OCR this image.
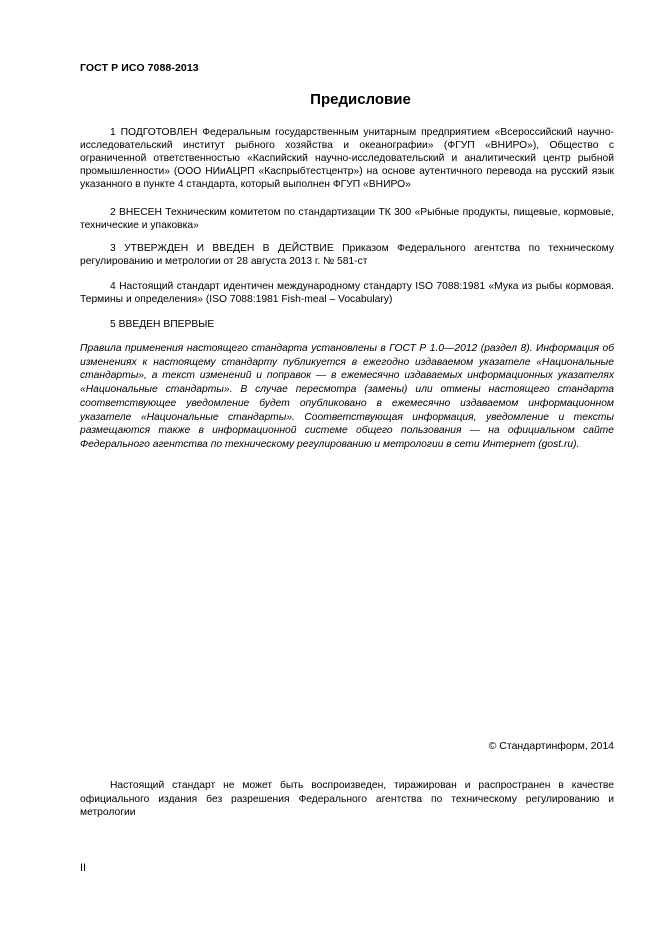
ГОСТ Р ИСО 7088-2013
Предисловие

1 ПОДГОТОВЛЕН Федеральным государственным унитарным предприятием «Всероссийский научно-исследовательский институт рыбного хозяйства и океанографии» (ФГУП «ВНИРО»), Общество с ограниченной ответственностью «Каспийский научно-исследовательский и аналитический центр рыбной промышленности» (ООО НИиАЦРП «Каспрыбтестцентр») на основе аутентичного перевода на русский язык указанного в пункте 4 стандарта, который выполнен ФГУП «ВНИРО»

2 ВНЕСЕН Техническим комитетом по стандартизации ТК 300 «Рыбные продукты, пищевые, кормовые, технические и упаковка»

3 УТВЕРЖДЕН И ВВЕДЕН В ДЕЙСТВИЕ Приказом Федерального агентства по техническому регулированию и метрологии от 28 августа 2013 г. № 581-ст

4 Настоящий стандарт идентичен международному стандарту ISO 7088:1981 «Мука из рыбы кормовая. Термины и определения» (ISO 7088:1981 Fish-meal – Vocabulary)

5 ВВЕДЕН ВПЕРВЫЕ

Правила применения настоящего стандарта установлены в ГОСТ Р 1.0—2012 (раздел 8). Информация об изменениях к настоящему стандарту публикуется в ежегодно издаваемом указателе «Национальные стандарты», а текст изменений и поправок — в ежемесячно издаваемых информационных указателях «Национальные стандарты». В случае пересмотра (замены) или отмены настоящего стандарта соответствующее уведомление будет опубликовано в ежемесячно издаваемом информационном указателе «Национальные стандарты». Соответствующая информация, уведомление и тексты размещаются также в информационной системе общего пользования — на официальном сайте Федерального агентства по техническому регулированию и метрологии в сети Интернет (gost.ru).

© Стандартинформ, 2014

Настоящий стандарт не может быть воспроизведен, тиражирован и распространен в качестве официального издания без разрешения Федерального агентства по техническому регулированию и метрологии

II
